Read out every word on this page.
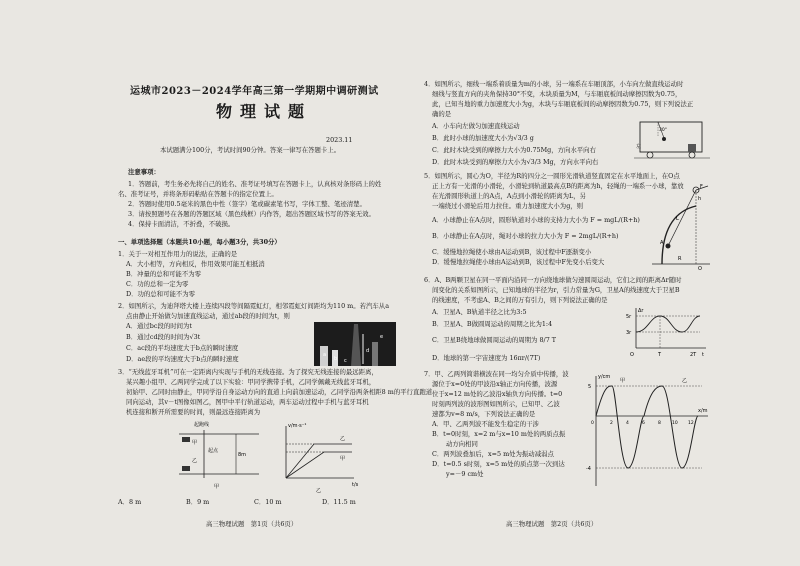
运城市2023－2024学年高三第一学期期中调研测试
物理试题
2023.11
本试题满分100分，考试时间90分钟。答案一律写在答题卡上。
注意事项：
1．答题前，考生务必先将自己的姓名、准考证号填写在答题卡上，认真核对条形码上的姓
名、准考证号，并将条形码粘贴在答题卡的指定位置上。
2．答题时使用0.5毫米的黑色中性（签字）笔或碳素笔书写，字体工整、笔迹清楚。
3．请按照题号在各题的答题区域（黑色线框）内作答，超出答题区域书写的答案无效。
4．保持卡面清洁，不折叠，不破损。
一、单项选择题（本题共10小题，每小题3分，共30分）
1．关于一对相互作用力的说法，正确的是
A．大小相等，方向相反，作用效果可能互相抵消
B．冲量的总和可能不为零
C．功的总和一定为零
D．功的总和可能不为零
2．如图所示，为迪拜塔大楼上连续四段等间隔霓虹灯，相邻霓虹灯间距均为110 m。若汽车从a
点由静止开始做匀加速直线运动，通过ab段的时间为t，则
A．通过bc段的时间为t
B．通过cd段的时间为√3t
C．ac段的平均速度大于b点的瞬时速度
D．ae段的平均速度大于b点的瞬时速度	a
b c
d
e
3．“无线蓝牙耳机”可在一定距离内实现与手机的无线连接。为了探究无线连接的最远距离，
某兴趣小组甲、乙两同学完成了以下实验：甲同学携带手机，乙同学佩戴无线蓝牙耳机，
初始甲、乙同时由静止，甲同学沿自身运动方向的直道上向前加速运动，乙同学沿两条相距8 m的平行直跑道
同向运动，其v－t图像如图乙，图甲中平行轨道运动，两车运动过程中手机与蓝牙耳机
机连接和断开所需要的时间，则最远连接距离为
起跑线
甲
乙
8m
起点
甲
v/m·s⁻¹
乙
甲
t/s
乙
A．8 m	B．9 m	C．10 m	D．11.5 m
高三物理试题　第1页（共6页）
4．如图所示，细线一端系着质量为m的小球，另一端系在车厢顶部，小车向左做直线运动时
细线与竖直方向的夹角保持30°不变，木块质量为M，与车厢底板间动摩擦因数为0.75，
此，已知当地的重力加速度大小为g，木块与车厢底板间的动摩擦因数为0.75，则下列说法正
确的是
A．小车向左做匀加速直线运动
B．此时小球的加速度大小为√3/3 g
C．此时木块受到的摩擦力大小为0.75Mg，方向水平向右
D．此时木块受到的摩擦力大小为√3/3 Mg，方向水平向右
30°
左
5．如图所示，圆心为O，半径为R的四分之一圆形光滑轨道竖直固定在水平地面上，在O点
正上方有一光滑的小滑轮，小滑轮到轨道最高点B的距离为h，轻绳的一端系一小球，靠放
在光滑圆形轨道上的A点，A点到小滑轮的距离为L，另
一端绕过小滑轮后用力拉住。重力加速度大小为g，则
A．小球静止在A点时，圆形轨道对小球的支持力大小为 F = mgL/(R+h)
B．小球静止在A点时，绳对小球的拉力大小为 F = 2mgL/(R+h)
C．缓慢地拉绳使小球由A运动到B，该过程中F逐渐变小
D．缓慢地拉绳使小球由A运动到B，该过程中F先变小后变大
F
h
L
A
O
R
6．A、B两颗卫星在同一平面内沿同一方向绕地球做匀速圆周运动，它们之间的距离Δr随时
间变化的关系如图所示，已知地球的半径为r，引力常量为G，卫星A的线速度大于卫星B
的线速度，不考虑A、B之间的万有引力，则下列说法正确的是
A．卫星A、B轨道半径之比为3:5
B．卫星A、B做圆周运动的周期之比为1:4
C．卫星B绕地球做圆周运动的周期为 8/7 T
D．地球的第一宇宙速度为 16πr/(7T)
Δr
5r
3r
O	T	2T t
7．甲、乙两列简谐横波在同一均匀介质中传播，波
源位于x=0处的甲波沿x轴正方向传播，波源
位于x=12 m处的乙波沿x轴负方向传播。t=0
时刻两列波的波形图如图所示，已知甲、乙波
速都为v=8 m/s，下列说法正确的是
A．甲、乙两列波不能发生稳定的干涉
B．t=0时刻，x=2 m与x=10 m处的两质点振
动方向相同
C．两列波叠加后，x=5 m处为振动减弱点
D．t=0.5 s时刻，x=5 m处的质点第一次到达
y=－9 cm处
y/cm
5
-4
甲	乙
x/m
0	2	4	6	8 10 12
高三物理试题　第2页（共6页）
